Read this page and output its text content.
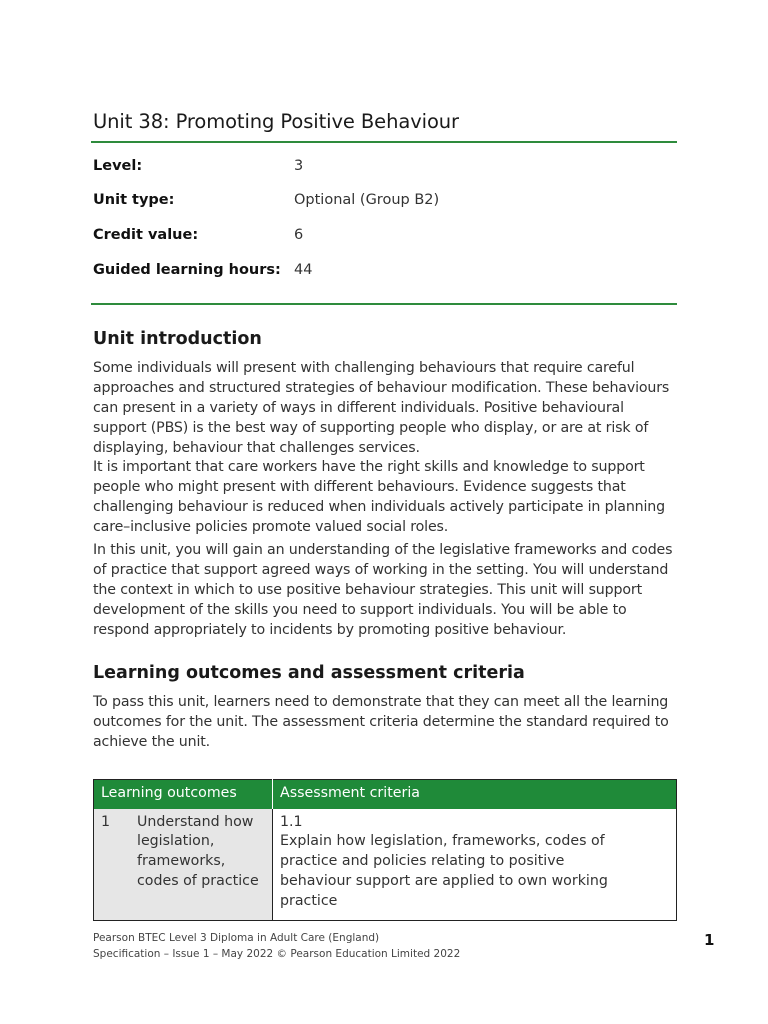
Unit 38: Promoting Positive Behaviour
Level:	3
Unit type:	Optional (Group B2)
Credit value:	6
Guided learning hours: 44
Unit introduction

Some individuals will present with challenging behaviours that require careful approaches and structured strategies of behaviour modification. These behaviours can present in a variety of ways in different individuals. Positive behavioural support (PBS) is the best way of supporting people who display, or are at risk of displaying, behaviour that challenges services.

It is important that care workers have the right skills and knowledge to support people who might present with different behaviours. Evidence suggests that challenging behaviour is reduced when individuals actively participate in planning care–inclusive policies promote valued social roles.

In this unit, you will gain an understanding of the legislative frameworks and codes of practice that support agreed ways of working in the setting. You will understand the context in which to use positive behaviour strategies. This unit will support development of the skills you need to support individuals. You will be able to respond appropriately to incidents by promoting positive behaviour.

Learning outcomes and assessment criteria

To pass this unit, learners need to demonstrate that they can meet all the learning outcomes for the unit. The assessment criteria determine the standard required to achieve the unit.

Learning outcomes	Assessment criteria
1 Understand how legislation, frameworks, codes of practice	1.1Explain how legislation, frameworks, codes of practice and policies relating to positive behaviour support are applied to own working practice
Pearson BTEC Level 3 Diploma in Adult Care (England)
Specification – Issue 1 – May 2022 © Pearson Education Limited 2022
1
